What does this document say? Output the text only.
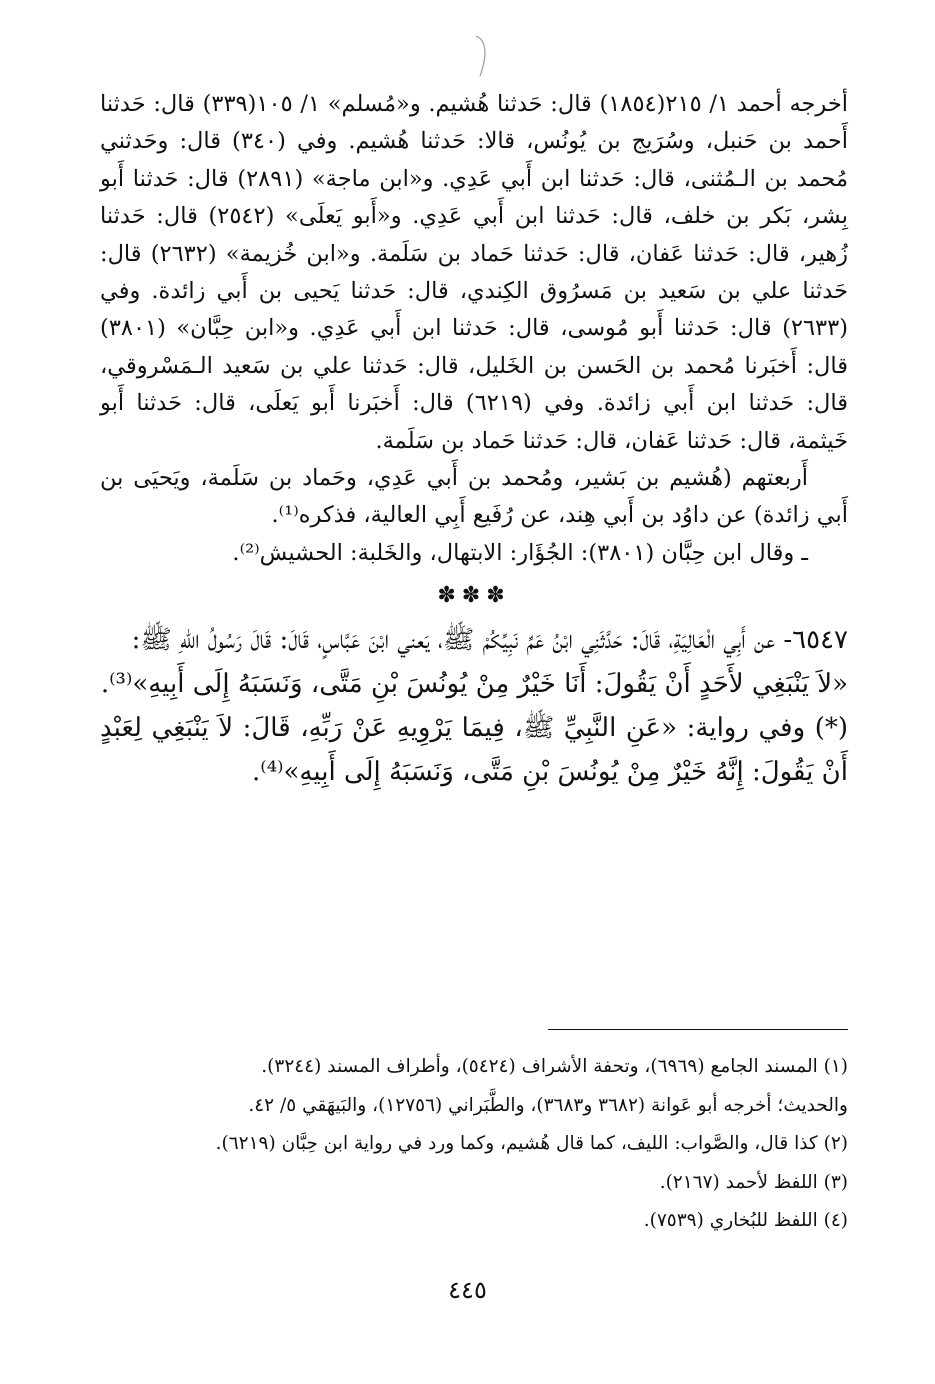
أخرجه أحمد ١/ ٢١٥(١٨٥٤) قال: حَدثنا هُشيم. و«مُسلم» ١/ ١٠٥(٣٣٩) قال: حَدثنا أَحمد بن حَنبل، وسُرَيج بن يُونُس، قالا: حَدثنا هُشيم. وفي (٣٤٠) قال: وحَدثني مُحمد بن الـمُثنى، قال: حَدثنا ابن أَبي عَدِي. و«ابن ماجة» (٢٨٩١) قال: حَدثنا أَبو بِشر، بَكر بن خلف، قال: حَدثنا ابن أَبي عَدِي. و«أَبو يَعلَى» (٢٥٤٢) قال: حَدثنا زُهير، قال: حَدثنا عَفان، قال: حَدثنا حَماد بن سَلَمة. و«ابن خُزيمة» (٢٦٣٢) قال: حَدثنا علي بن سَعيد بن مَسرُوق الكِندي، قال: حَدثنا يَحيى بن أَبي زائدة. وفي (٢٦٣٣) قال: حَدثنا أَبو مُوسى، قال: حَدثنا ابن أَبي عَدِي. و«ابن حِبَّان» (٣٨٠١) قال: أَخبَرنا مُحمد بن الحَسن بن الخَليل، قال: حَدثنا علي بن سَعيد الـمَسْروقي، قال: حَدثنا ابن أَبي زائدة. وفي (٦٢١٩) قال: أَخبَرنا أَبو يَعلَى، قال: حَدثنا أَبو خَيثمة، قال: حَدثنا عَفان، قال: حَدثنا حَماد بن سَلَمة.

أَربعتهم (هُشيم بن بَشير، ومُحمد بن أَبي عَدِي، وحَماد بن سَلَمة، ويَحيَى بن أَبي زائدة) عن داوُد بن أَبي هِند، عن رُفَيع أَبِي العالية، فذكره⁽¹⁾.

ـ وقال ابن حِبَّان (٣٨٠١): الجُؤَار: الابتهال، والخَلبة: الحشيش⁽²⁾.

✽✽✽

٦٥٤٧- عن أَبِي الْعَالِيَةِ، قَالَ: حَدَّثَنِي ابْنُ عَمِّ نَبِيِّكُمْ ﷺ، يَعني ابْنَ عَبَّاسٍ، قَالَ: قَالَ رَسُولُ اللهِ ﷺ:

«لاَ يَنْبَغِي لأَحَدٍ أَنْ يَقُولَ: أَنَا خَيْرٌ مِنْ يُونُسَ بْنِ مَتَّى، وَنَسَبَهُ إِلَى أَبِيهِ»⁽³⁾.

(*) وفي رواية: «عَنِ النَّبِيِّ ﷺ، فِيمَا يَرْوِيهِ عَنْ رَبِّهِ، قَالَ: لاَ يَنْبَغِي لِعَبْدٍ أَنْ يَقُولَ: إِنَّهُ خَيْرٌ مِنْ يُونُسَ بْنِ مَتَّى، وَنَسَبَهُ إِلَى أَبِيهِ»⁽⁴⁾.

(١) المسند الجامع (٦٩٦٩)، وتحفة الأشراف (٥٤٢٤)، وأطراف المسند (٣٢٤٤).

والحديث؛ أخرجه أبو عَوانة (٣٦٨٢ و٣٦٨٣)، والطَّبَراني (١٢٧٥٦)، والبَيهَقي ٥/ ٤٢.

(٢) كذا قال، والصَّواب: الليف، كما قال هُشيم، وكما ورد في رواية ابن حِبَّان (٦٢١٩).

(٣) اللفظ لأحمد (٢١٦٧).

(٤) اللفظ للبُخاري (٧٥٣٩).

٤٤٥
